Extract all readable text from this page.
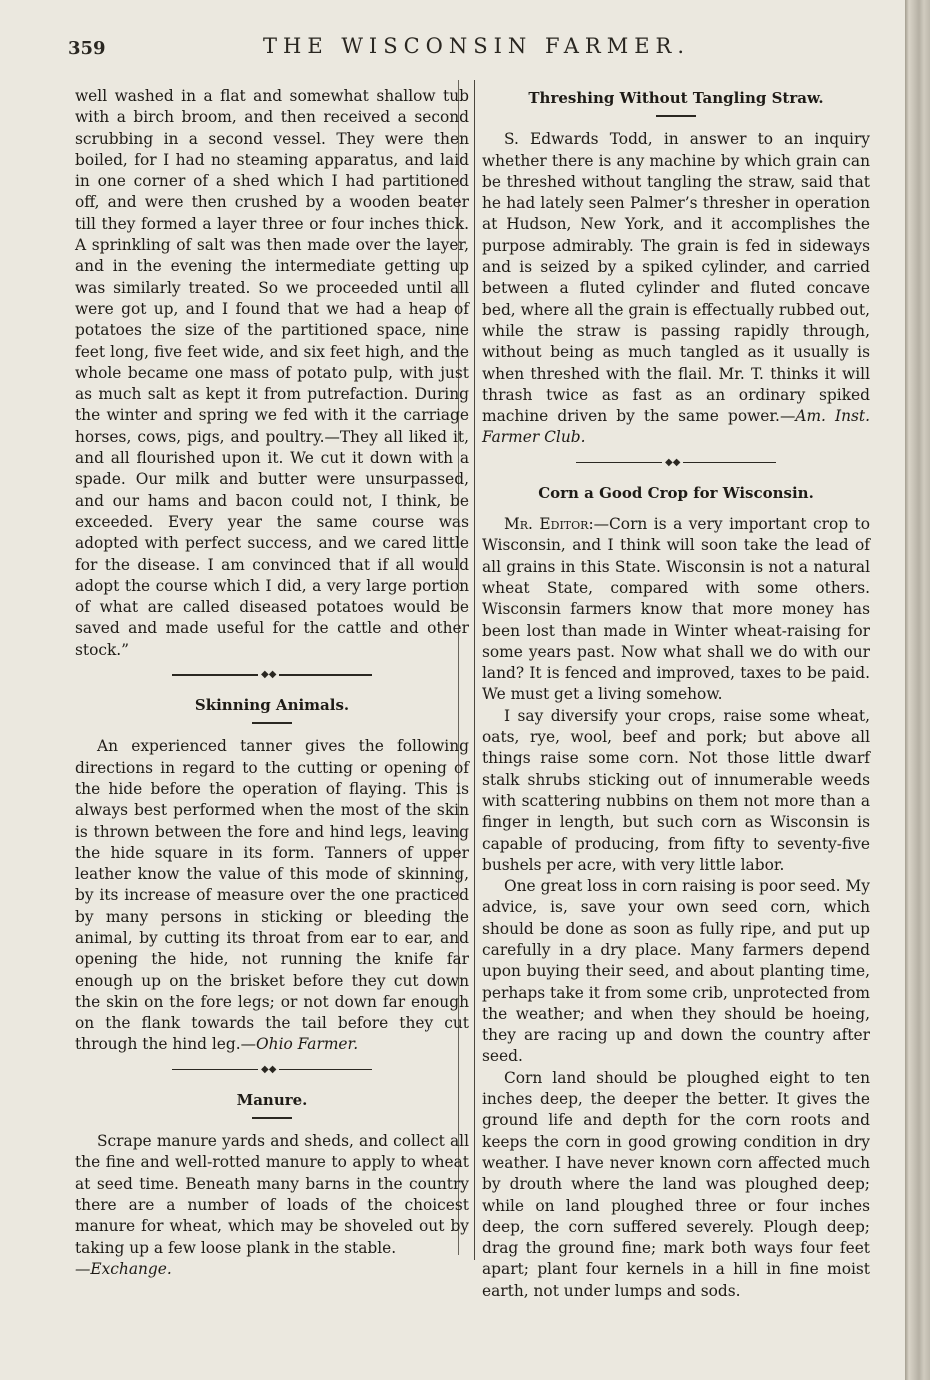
359	THE WISCONSIN FARMER.

well washed in a flat and somewhat shallow tub with a birch broom, and then received a second scrubbing in a second vessel. They were then boiled, for I had no steaming apparatus, and laid in one corner of a shed which I had partitioned off, and were then crushed by a wooden beater till they formed a layer three or four inches thick. A sprinkling of salt was then made over the layer, and in the evening the intermediate getting up was similarly treated. So we proceeded until all were got up, and I found that we had a heap of potatoes the size of the partitioned space, nine feet long, five feet wide, and six feet high, and the whole became one mass of potato pulp, with just as much salt as kept it from putrefaction. During the winter and spring we fed with it the carriage horses, cows, pigs, and poultry.—They all liked it, and all flourished upon it. We cut it down with a spade. Our milk and butter were unsurpassed, and our hams and bacon could not, I think, be exceeded. Every year the same course was adopted with perfect success, and we cared little for the disease. I am convinced that if all would adopt the course which I did, a very large portion of what are called diseased potatoes would be saved and made useful for the cattle and other stock.”

◆◆
Skinning Animals.

An experienced tanner gives the following directions in regard to the cutting or opening of the hide before the operation of flaying. This is always best performed when the most of the skin is thrown between the fore and hind legs, leaving the hide square in its form. Tanners of upper leather know the value of this mode of skinning, by its increase of measure over the one practiced by many persons in sticking or bleeding the animal, by cutting its throat from ear to ear, and opening the hide, not running the knife far enough up on the brisket before they cut down the skin on the fore legs; or not down far enough on the flank towards the tail before they cut through the hind leg.—Ohio Farmer.

◆◆
Manure.

Scrape manure yards and sheds, and collect all the fine and well-rotted manure to apply to wheat at seed time. Beneath many barns in the country there are a number of loads of the choicest manure for wheat, which may be shoveled out by taking up a few loose plank in the stable.

—Exchange.

Threshing Without Tangling Straw.

S. Edwards Todd, in answer to an inquiry whether there is any machine by which grain can be threshed without tangling the straw, said that he had lately seen Palmer’s thresher in operation at Hudson, New York, and it accomplishes the purpose admirably. The grain is fed in sideways and is seized by a spiked cylinder, and carried between a fluted cylinder and fluted concave bed, where all the grain is effectually rubbed out, while the straw is passing rapidly through, without being as much tangled as it usually is when threshed with the flail. Mr. T. thinks it will thrash twice as fast as an ordinary spiked machine driven by the same power.—Am. Inst. Farmer Club.

◆◆
Corn a Good Crop for Wisconsin.

Mr. Editor:—Corn is a very important crop to Wisconsin, and I think will soon take the lead of all grains in this State. Wisconsin is not a natural wheat State, compared with some others. Wisconsin farmers know that more money has been lost than made in Winter wheat-raising for some years past. Now what shall we do with our land? It is fenced and improved, taxes to be paid. We must get a living somehow.

I say diversify your crops, raise some wheat, oats, rye, wool, beef and pork; but above all things raise some corn. Not those little dwarf stalk shrubs sticking out of innumerable weeds with scattering nubbins on them not more than a finger in length, but such corn as Wisconsin is capable of producing, from fifty to seventy-five bushels per acre, with very little labor.

One great loss in corn raising is poor seed. My advice, is, save your own seed corn, which should be done as soon as fully ripe, and put up carefully in a dry place. Many farmers depend upon buying their seed, and about planting time, perhaps take it from some crib, unprotected from the weather; and when they should be hoeing, they are racing up and down the country after seed.

Corn land should be ploughed eight to ten inches deep, the deeper the better. It gives the ground life and depth for the corn roots and keeps the corn in good growing condition in dry weather. I have never known corn affected much by drouth where the land was ploughed deep; while on land ploughed three or four inches deep, the corn suffered severely. Plough deep; drag the ground fine; mark both ways four feet apart; plant four kernels in a hill in fine moist earth, not under lumps and sods.
